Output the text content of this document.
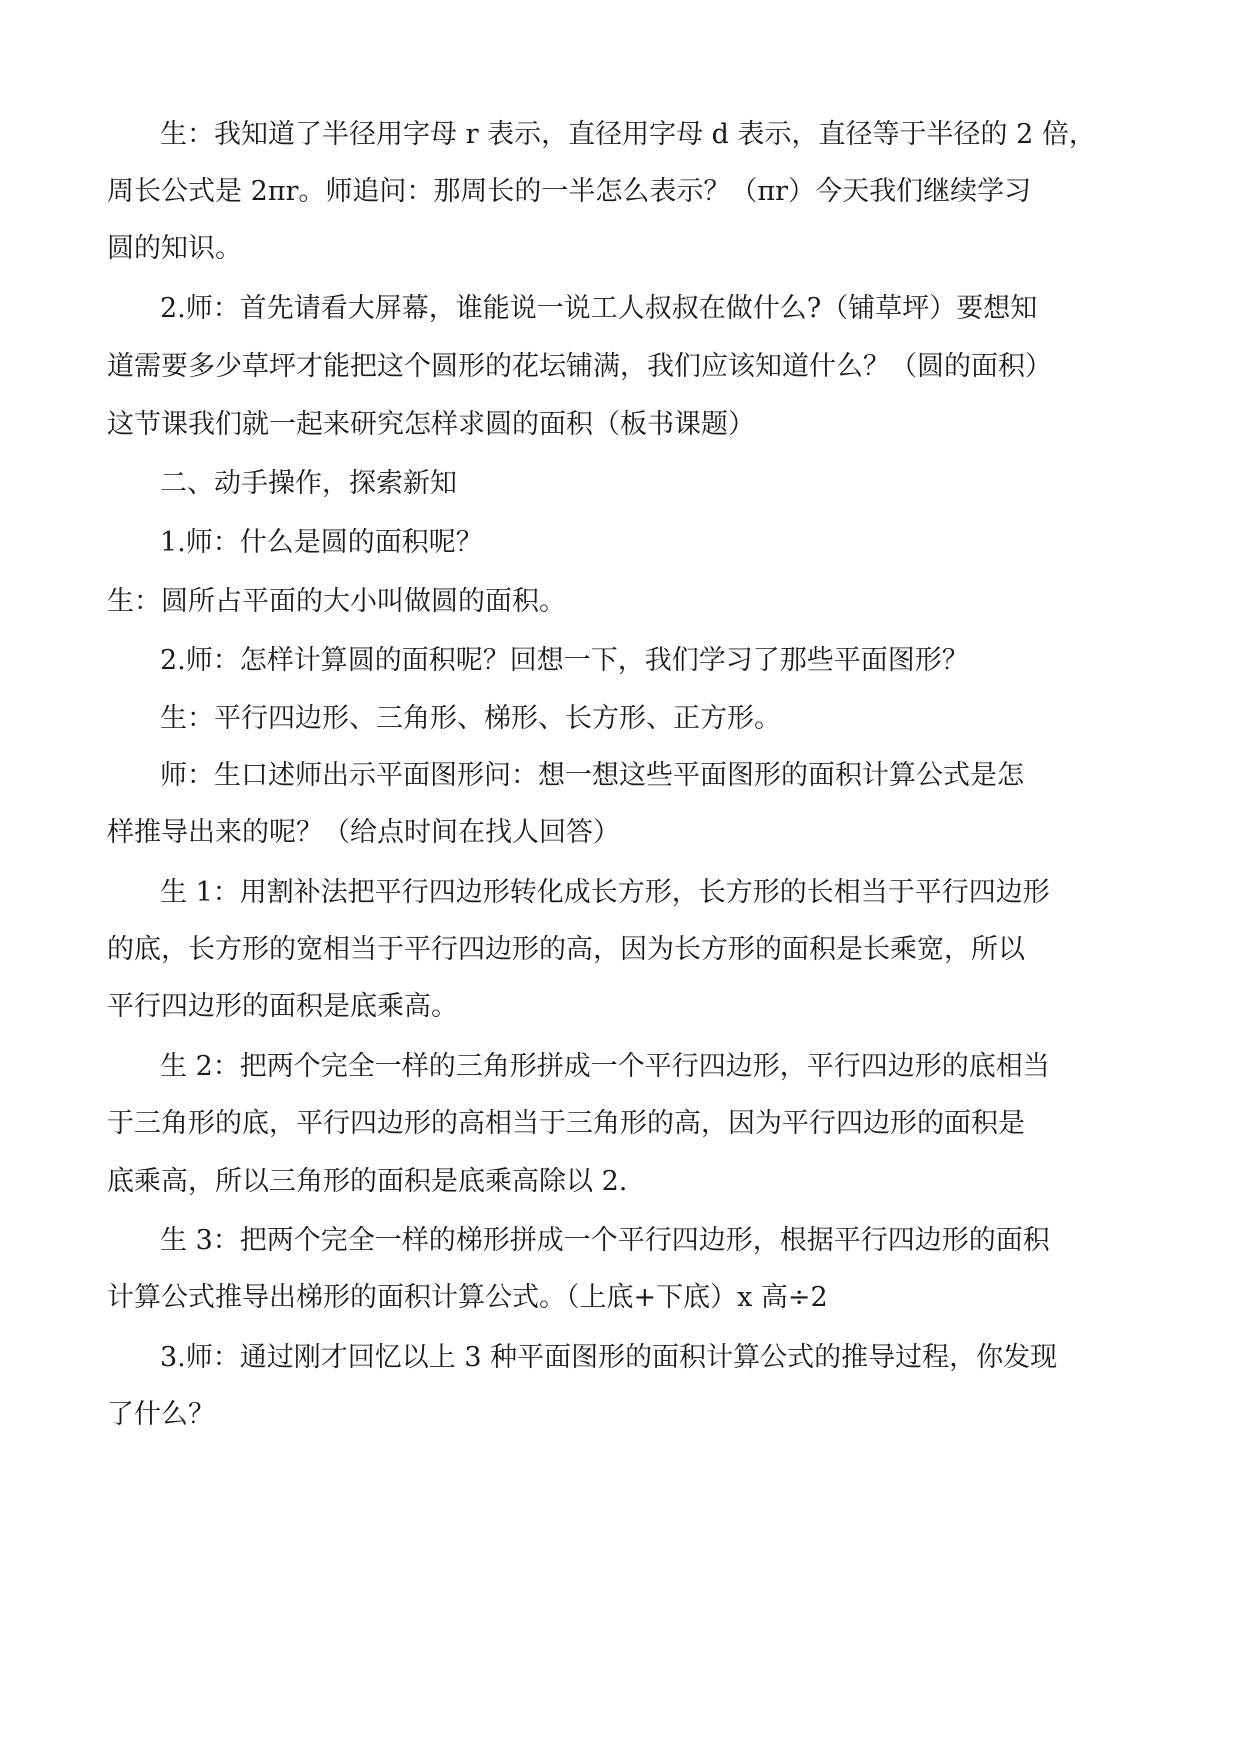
生：我知道了半径用字母 r 表示，直径用字母 d 表示，直径等于半径的 2 倍，
周长公式是 2πr。师追问：那周长的一半怎么表示？（πr）今天我们继续学习
圆的知识。
2.师：首先请看大屏幕，谁能说一说工人叔叔在做什么?（铺草坪）要想知
道需要多少草坪才能把这个圆形的花坛铺满，我们应该知道什么？（圆的面积）
这节课我们就一起来研究怎样求圆的面积（板书课题）
二、动手操作，探索新知
1.师：什么是圆的面积呢？
生：圆所占平面的大小叫做圆的面积。
2.师：怎样计算圆的面积呢？回想一下，我们学习了那些平面图形？
生：平行四边形、三角形、梯形、长方形、正方形。
师：生口述师出示平面图形问：想一想这些平面图形的面积计算公式是怎
样推导出来的呢？（给点时间在找人回答）
生 1：用割补法把平行四边形转化成长方形，长方形的长相当于平行四边形
的底，长方形的宽相当于平行四边形的高，因为长方形的面积是长乘宽，所以
平行四边形的面积是底乘高。
生 2：把两个完全一样的三角形拼成一个平行四边形，平行四边形的底相当
于三角形的底，平行四边形的高相当于三角形的高，因为平行四边形的面积是
底乘高，所以三角形的面积是底乘高除以 2.
生 3：把两个完全一样的梯形拼成一个平行四边形，根据平行四边形的面积
计算公式推导出梯形的面积计算公式。（上底+下底）x 高÷2
3.师：通过刚才回忆以上 3 种平面图形的面积计算公式的推导过程，你发现
了什么？
